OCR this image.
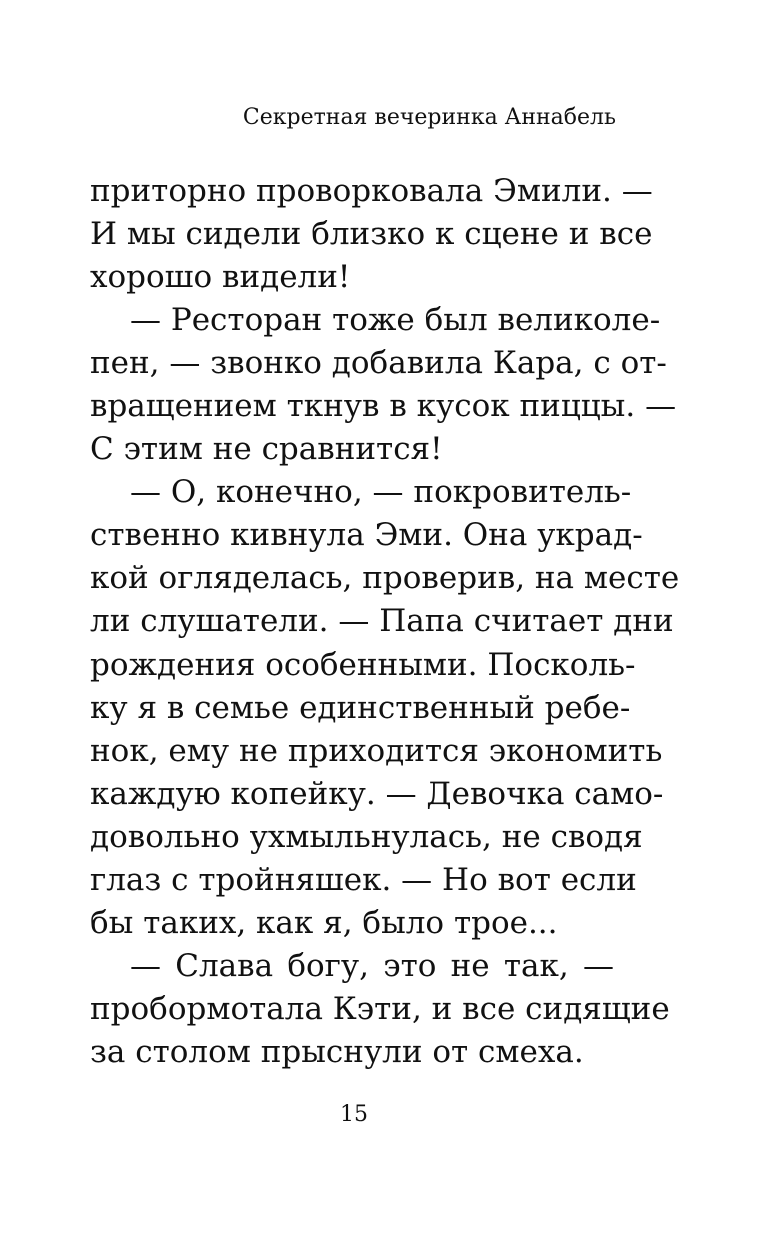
Секретная вечеринка Аннабель
приторно проворковала Эмили. —
И мы сидели близко к сцене и все
хорошо видели!
— Ресторан тоже был великоле-
пен, — звонко добавила Кара, с от-
вращением ткнув в кусок пиццы. —
С этим не сравнится!
— О, конечно, — покровитель-
ственно кивнула Эми. Она украд-
кой огляделась, проверив, на месте
ли слушатели. — Папа считает дни
рождения особенными. Посколь-
ку я в семье единственный ребе-
нок, ему не приходится экономить
каждую копейку. — Девочка само-
довольно ухмыльнулась, не сводя
глаз с тройняшек. — Но вот если
бы таких, как я, было трое...
— Слава богу, это не так, —
пробормотала Кэти, и все сидящие
за столом прыснули от смеха.
15
